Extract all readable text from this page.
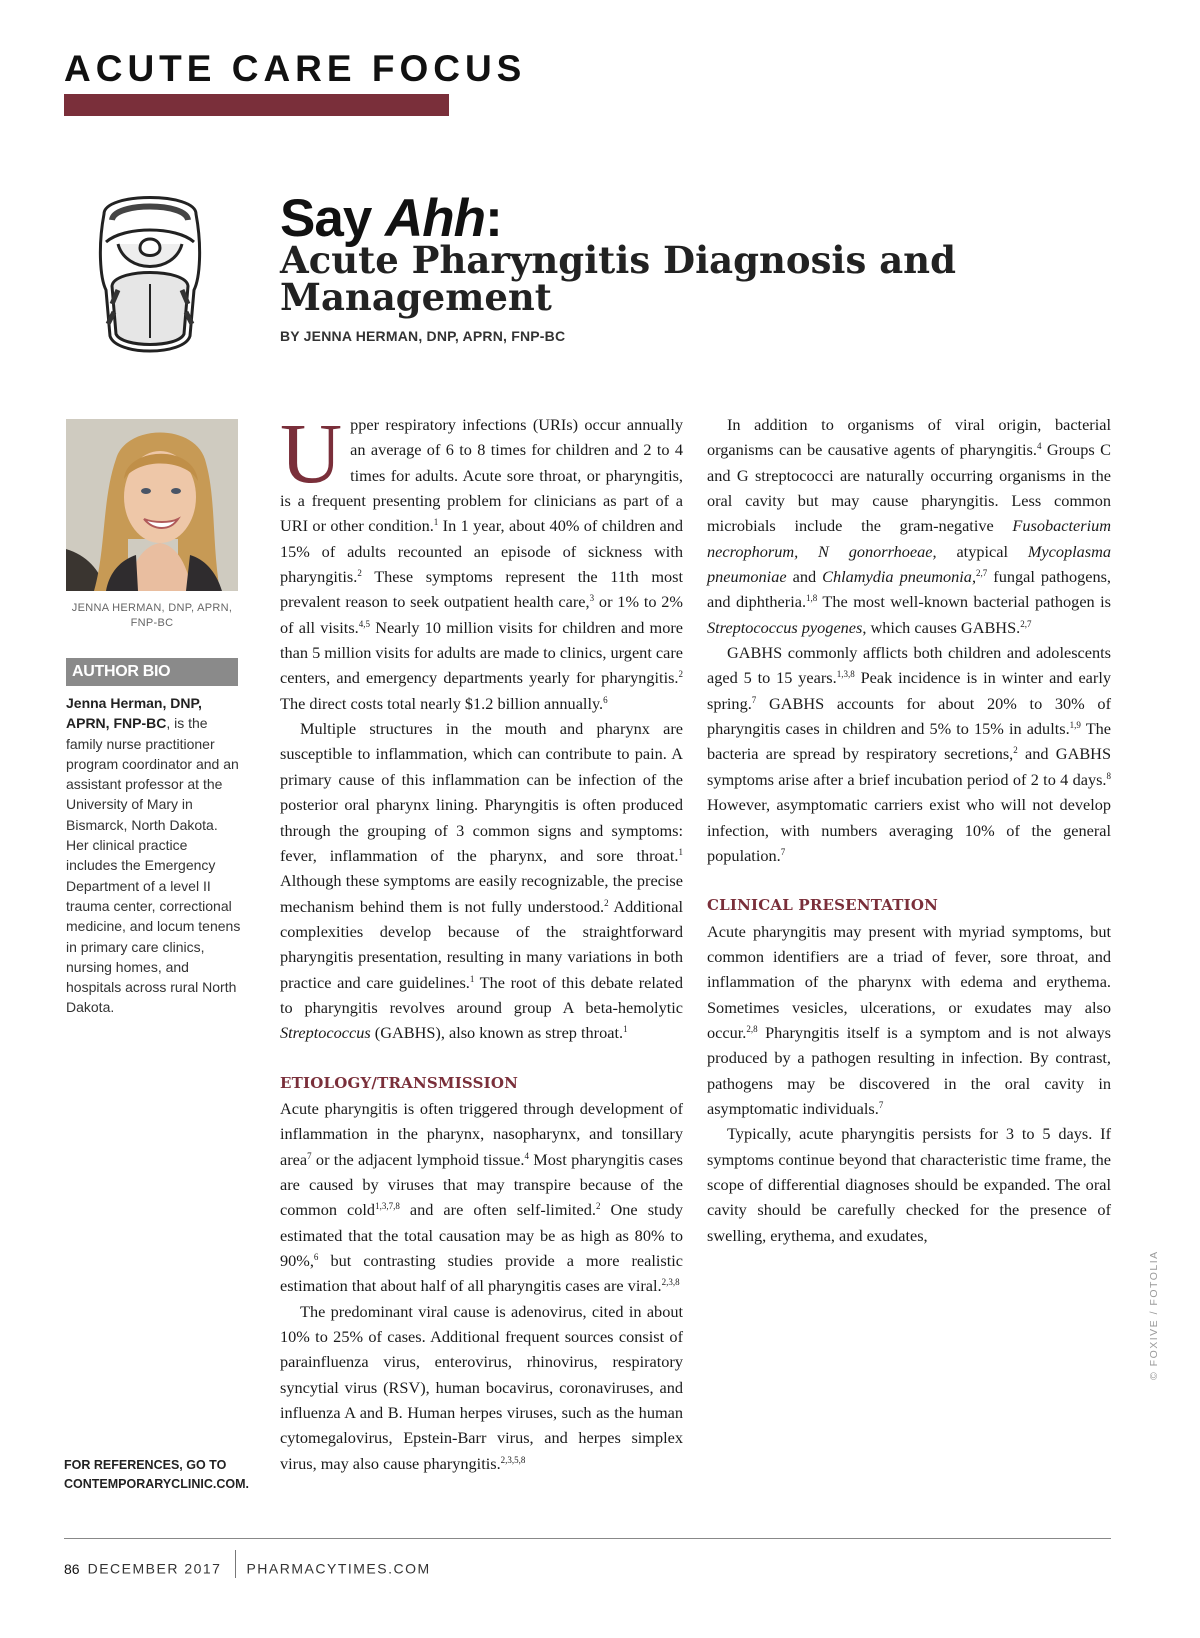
ACUTE CARE FOCUS
Say Ahh:
Acute Pharyngitis Diagnosis and Management
BY JENNA HERMAN, DNP, APRN, FNP-BC
JENNA HERMAN, DNP, APRN, FNP-BC
AUTHOR BIO
Jenna Herman, DNP, APRN, FNP-BC, is the family nurse practitioner program coordinator and an assistant professor at the University of Mary in Bismarck, North Dakota. Her clinical practice includes the Emergency Department of a level II trauma center, correctional medicine, and locum tenens in primary care clinics, nursing homes, and hospitals across rural North Dakota.
FOR REFERENCES, GO TO
CONTEMPORARYCLINIC.COM.

Upper respiratory infections (URIs) occur annually an average of 6 to 8 times for children and 2 to 4 times for adults. Acute sore throat, or pharyngitis, is a frequent presenting problem for clinicians as part of a URI or other condition.$^1$ In 1 year, about 40% of children and 15% of adults recounted an episode of sickness with pharyngitis.$^2$ These symptoms represent the 11th most prevalent reason to seek outpatient health care,$^3$ or 1% to 2% of all visits.$^{4,5}$ Nearly 10 million visits for children and more than 5 million visits for adults are made to clinics, urgent care centers, and emergency departments yearly for pharyngitis.$^2$ The direct costs total nearly $1.2 billion annually.$^6$

Multiple structures in the mouth and pharynx are susceptible to inflammation, which can contribute to pain. A primary cause of this inflammation can be infection of the posterior oral pharynx lining. Pharyngitis is often produced through the grouping of 3 common signs and symptoms: fever, inflammation of the pharynx, and sore throat.$^1$ Although these symptoms are easily recognizable, the precise mechanism behind them is not fully understood.$^2$ Additional complexities develop because of the straightforward pharyngitis presentation, resulting in many variations in both practice and care guidelines.$^1$ The root of this debate related to pharyngitis revolves around group A beta-hemolytic Streptococcus (GABHS), also known as strep throat.$^1$

ETIOLOGY/TRANSMISSION

Acute pharyngitis is often triggered through development of inflammation in the pharynx, nasopharynx, and tonsillary area$^7$ or the adjacent lymphoid tissue.$^4$ Most pharyngitis cases are caused by viruses that may transpire because of the common cold$^{1,3,7,8}$ and are often self-limited.$^2$ One study estimated that the total causation may be as high as 80% to 90%,$^6$ but contrasting studies provide a more realistic estimation that about half of all pharyngitis cases are viral.$^{2,3,8}$

The predominant viral cause is adenovirus, cited in about 10% to 25% of cases. Additional frequent sources consist of parainfluenza virus, enterovirus, rhinovirus, respiratory syncytial virus (RSV), human bocavirus, coronaviruses, and influenza A and B. Human herpes viruses, such as the human cytomegalovirus, Epstein-Barr virus, and herpes simplex virus, may also cause pharyngitis.$^{2,3,5,8}$

In addition to organisms of viral origin, bacterial organisms can be causative agents of pharyngitis.$^4$ Groups C and G streptococci are naturally occurring organisms in the oral cavity but may cause pharyngitis. Less common microbials include the gram-negative Fusobacterium necrophorum, N gonorrhoeae, atypical Mycoplasma pneumoniae and Chlamydia pneumonia,$^{2,7}$ fungal pathogens, and diphtheria.$^{1,8}$ The most well-known bacterial pathogen is Streptococcus pyogenes, which causes GABHS.$^{2,7}$

GABHS commonly afflicts both children and adolescents aged 5 to 15 years.$^{1,3,8}$ Peak incidence is in winter and early spring.$^7$ GABHS accounts for about 20% to 30% of pharyngitis cases in children and 5% to 15% in adults.$^{1,9}$ The bacteria are spread by respiratory secretions,$^2$ and GABHS symptoms arise after a brief incubation period of 2 to 4 days.$^8$ However, asymptomatic carriers exist who will not develop infection, with numbers averaging 10% of the general population.$^7$

CLINICAL PRESENTATION

Acute pharyngitis may present with myriad symptoms, but common identifiers are a triad of fever, sore throat, and inflammation of the pharynx with edema and erythema. Sometimes vesicles, ulcerations, or exudates may also occur.$^{2,8}$ Pharyngitis itself is a symptom and is not always produced by a pathogen resulting in infection. By contrast, pathogens may be discovered in the oral cavity in asymptomatic individuals.$^7$

Typically, acute pharyngitis persists for 3 to 5 days. If symptoms continue beyond that characteristic time frame, the scope of differential diagnoses should be expanded. The oral cavity should be carefully checked for the presence of swelling, erythema, and exudates,

© FOXIVE / FOTOLIA
86 DECEMBER 2017 PHARMACYTIMES.COM
